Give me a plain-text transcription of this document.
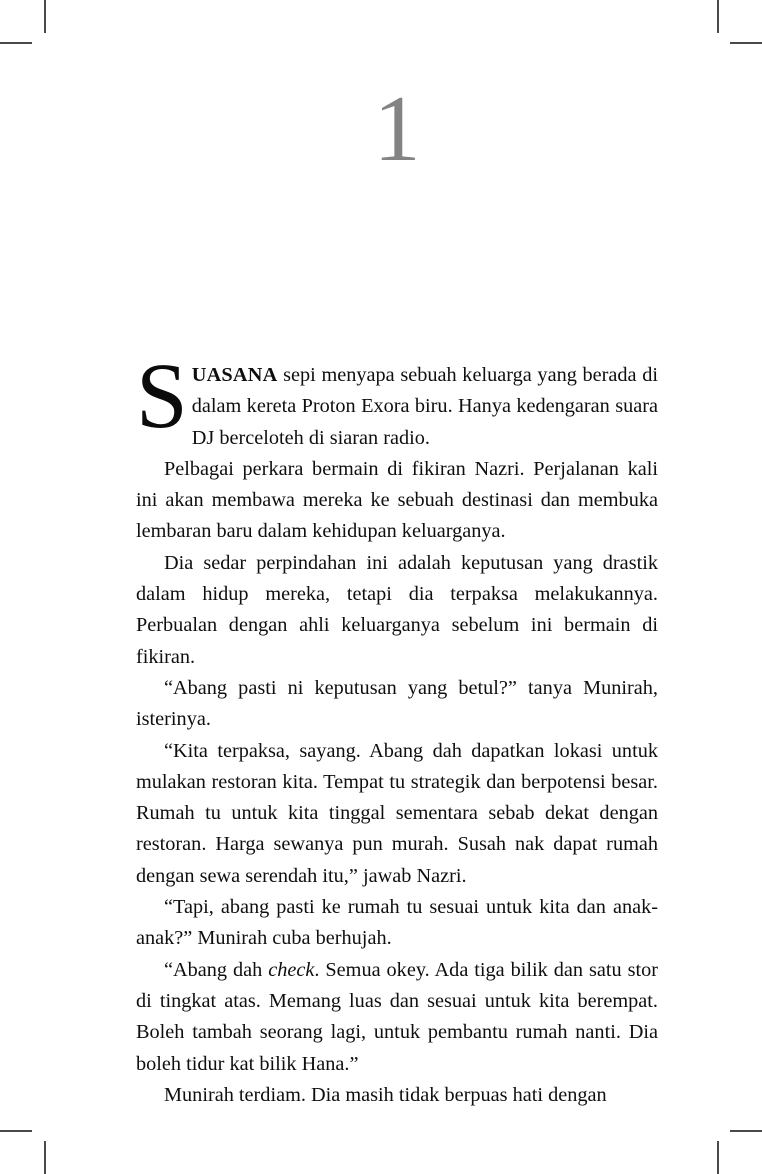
1

SUASANA sepi menyapa sebuah keluarga yang berada di dalam kereta Proton Exora biru. Hanya kedengaran suara DJ berceloteh di siaran radio.

Pelbagai perkara bermain di fikiran Nazri. Perjalanan kali ini akan membawa mereka ke sebuah destinasi dan membuka lembaran baru dalam kehidupan keluarganya.

Dia sedar perpindahan ini adalah keputusan yang drastik dalam hidup mereka, tetapi dia terpaksa melakukannya. Perbualan dengan ahli keluarganya sebelum ini bermain di fikiran.

“Abang pasti ni keputusan yang betul?” tanya Munirah, isterinya.

“Kita terpaksa, sayang. Abang dah dapatkan lokasi untuk mulakan restoran kita. Tempat tu strategik dan berpotensi besar. Rumah tu untuk kita tinggal sementara sebab dekat dengan restoran. Harga sewanya pun murah. Susah nak dapat rumah dengan sewa serendah itu,” jawab Nazri.

“Tapi, abang pasti ke rumah tu sesuai untuk kita dan anak-anak?” Munirah cuba berhujah.

“Abang dah check. Semua okey. Ada tiga bilik dan satu stor di tingkat atas. Memang luas dan sesuai untuk kita berempat. Boleh tambah seorang lagi, untuk pembantu rumah nanti. Dia boleh tidur kat bilik Hana.”

Munirah terdiam. Dia masih tidak berpuas hati dengan
